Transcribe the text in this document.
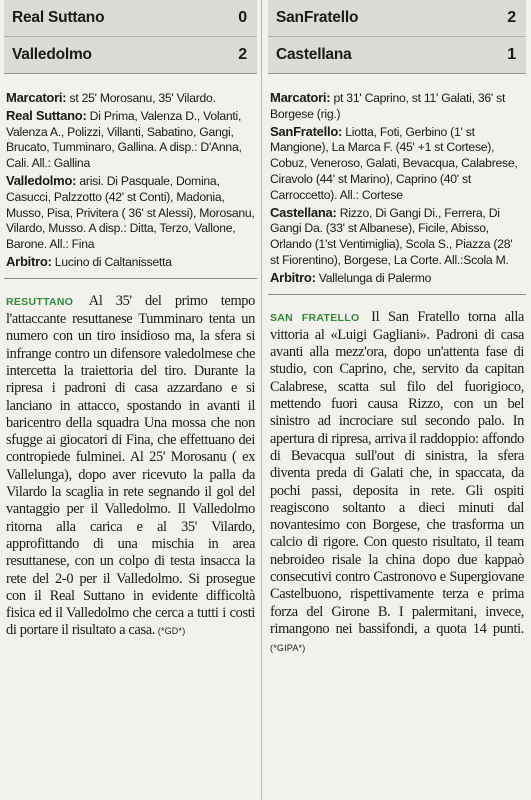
Real Suttano	0
Valledolmo	2

Marcatori: st 25' Morosanu, 35' Vilardo.

Real Suttano: Di Prima, Valenza D., Volanti, Valenza A., Polizzi, Villanti, Sabatino, Gangi, Brucato, Tumminaro, Gallina. A disp.: D'Anna, Cali. All.: Gallina

Valledolmo: arisi. Di Pasquale, Domina, Casucci, Palzzotto (42' st Conti), Madonia, Musso, Pisa, Privitera ( 36' st Alessi), Morosanu, Vilardo, Musso. A disp.: Ditta, Terzo, Vallone, Barone. All.: Fina

Arbitro: Lucino di Caltanissetta

RESUTTANO Al 35' del primo tempo l'attaccante resuttanese Tumminaro tenta un numero con un tiro insidioso ma, la sfera si infrange contro un difensore valedolmese che intercetta la traiettoria del tiro. Durante la ripresa i padroni di casa azzardano e si lanciano in attacco, spostando in avanti il baricentro della squadra Una mossa che non sfugge ai giocatori di Fina, che effettuano dei contropiede fulminei. Al 25' Morosanu ( ex Vallelunga), dopo aver ricevuto la palla da Vilardo la scaglia in rete segnando il gol del vantaggio per il Valledolmo. Il Valledolmo ritorna alla carica e al 35' Vilardo, approfittando di una mischia in area resuttanese, con un colpo di testa insacca la rete del 2-0 per il Valledolmo. Si prosegue con il Real Suttano in evidente difficoltà fisica ed il Valledolmo che cerca a tutti i costi di portare il risultato a casa. (*GD*)
SanFratello	2
Castellana	1

Marcatori: pt 31' Caprino, st 11' Galati, 36' st Borgese (rig.)

SanFratello: Liotta, Foti, Gerbino (1' st Mangione), La Marca F. (45' +1 st Cortese), Cobuz, Veneroso, Galati, Bevacqua, Calabrese, Ciravolo (44' st Marino), Caprino (40' st Carroccetto). All.: Cortese

Castellana: Rizzo, Di Gangi Di., Ferrera, Di Gangi Da. (33' st Albanese), Ficile, Abisso, Orlando (1'st Ventimiglia), Scola S., Piazza (28' st Fiorentino), Borgese, La Corte. All.:Scola M.

Arbitro: Vallelunga di Palermo

SAN FRATELLO Il San Fratello torna alla vittoria al «Luigi Gagliani». Padroni di casa avanti alla mezz'ora, dopo un'attenta fase di studio, con Caprino, che, servito da capitan Calabrese, scatta sul filo del fuorigioco, mettendo fuori causa Rizzo, con un bel sinistro ad incrociare sul secondo palo. In apertura di ripresa, arriva il raddoppio: affondo di Bevacqua sull'out di sinistra, la sfera diventa preda di Galati che, in spaccata, da pochi passi, deposita in rete. Gli ospiti reagiscono soltanto a dieci minuti dal novantesimo con Borgese, che trasforma un calcio di rigore. Con questo risultato, il team nebroideo risale la china dopo due kappaò consecutivi contro Castronovo e Supergiovane Castelbuono, rispettivamente terza e prima forza del Girone B. I palermitani, invece, rimangono nei bassifondi, a quota 14 punti. (*GIPA*)
